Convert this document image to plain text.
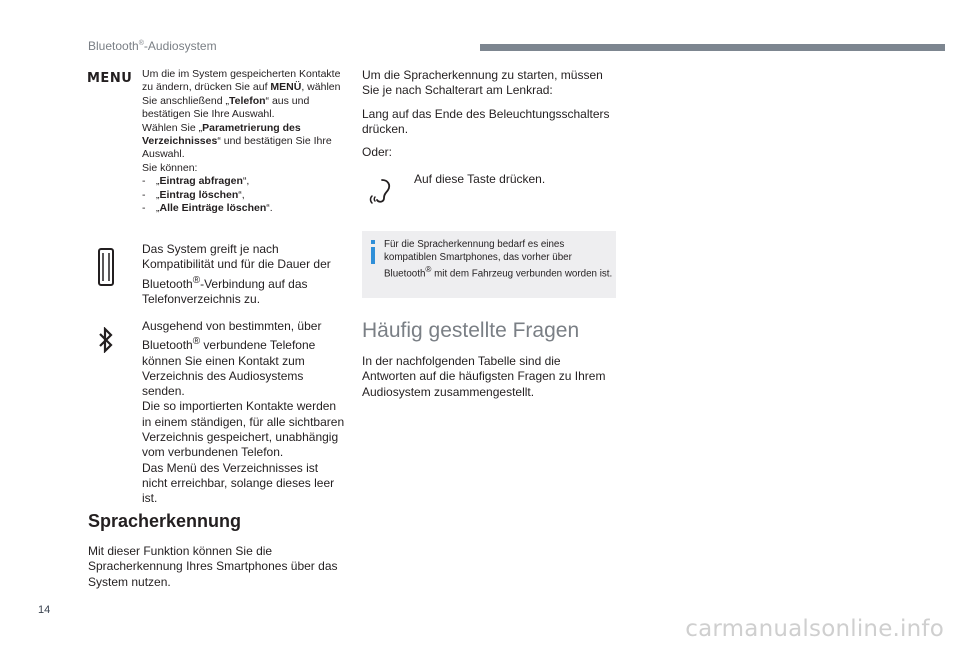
Bluetooth®-Audiosystem
MENU Um die im System gespeicherten Kontakte zu ändern, drücken Sie auf MENÜ, wählen Sie anschließend „Telefon“ aus und bestätigen Sie Ihre Auswahl.

Wählen Sie „Parametrierung des Verzeichnisses“ und bestätigen Sie Ihre Auswahl.

Sie können:

-	„Eintrag abfragen“,
-	„Eintrag löschen“,
-	„Alle Einträge löschen“.
Das System greift je nach Kompatibilität und für die Dauer der Bluetooth®-Verbindung auf das Telefonverzeichnis zu.

Ausgehend von bestimmten, über Bluetooth® verbundene Telefone können Sie einen Kontakt zum Verzeichnis des Audiosystems senden.

Die so importierten Kontakte werden in einem ständigen, für alle sichtbaren Verzeichnis gespeichert, unabhängig vom verbundenen Telefon.

Das Menü des Verzeichnisses ist nicht erreichbar, solange dieses leer ist.

Spracherkennung
Mit dieser Funktion können Sie die Spracherkennung Ihres Smartphones über das System nutzen.

Um die Spracherkennung zu starten, müssen Sie je nach Schalterart am Lenkrad:

Lang auf das Ende des Beleuchtungsschalters drücken.

Oder:

Auf diese Taste drücken.
Für die Spracherkennung bedarf es eines kompatiblen Smartphones, das vorher über Bluetooth® mit dem Fahrzeug verbunden worden ist.
Häufig gestellte Fragen
In der nachfolgenden Tabelle sind die Antworten auf die häufigsten Fragen zu Ihrem Audiosystem zusammengestellt.
14
carmanualsonline.info
